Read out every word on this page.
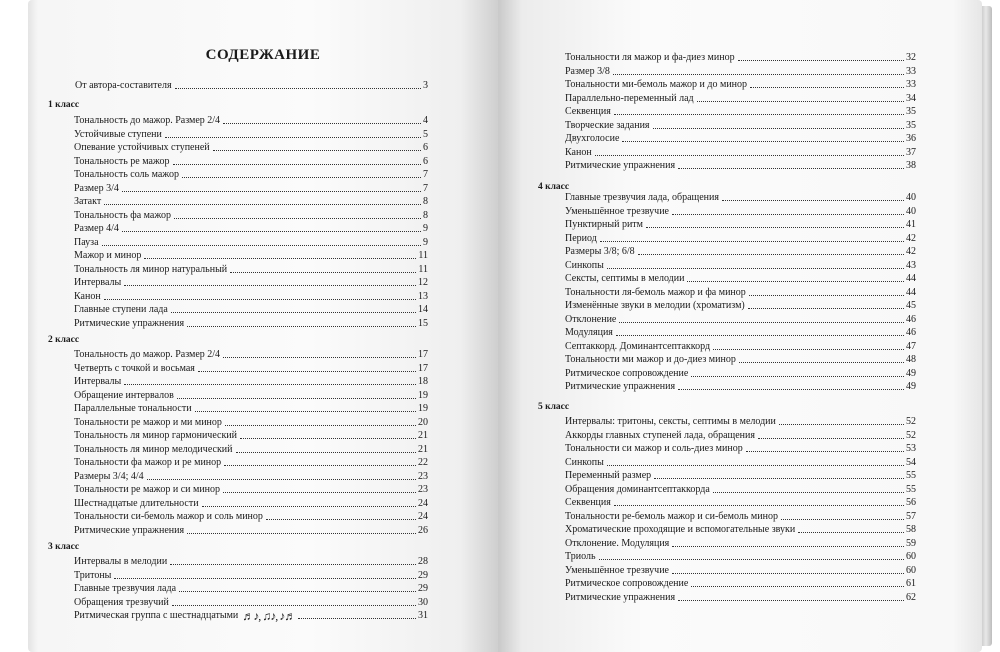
СОДЕРЖАНИЕ
От автора-составителя	3
1 класс
Тональность до мажор. Размер 2/4	4
Устойчивые ступени	5
Опевание устойчивых ступеней	6
Тональность ре мажор	6
Тональность соль мажор	7
Размер 3/4	7
Затакт	8
Тональность фа мажор	8
Размер 4/4	9
Пауза	9
Мажор и минор	11
Тональность ля минор натуральный	11
Интервалы	12
Канон	13
Главные ступени лада	14
Ритмические упражнения	15
2 класс
Тональность до мажор. Размер 2/4	17
Четверть с точкой и восьмая	17
Интервалы	18
Обращение интервалов	19
Параллельные тональности	19
Тональности ре мажор и ми минор	20
Тональность ля минор гармонический	21
Тональность ля минор мелодический	21
Тональности фа мажор и ре минор	22
Размеры 3/4; 4/4	23
Тональности ре мажор и си минор	23
Шестнадцатые длительности	24
Тональности си-бемоль мажор и соль минор	24
Ритмические упражнения	26
3 класс
Интервалы в мелодии	28
Тритоны	29
Главные трезвучия лада	29
Обращения трезвучий	30
Ритмическая группа с шестнадцатыми ♬♪, ♫♪, ♪♬	31
Тональности ля мажор и фа-диез минор	32
Размер 3/8	33
Тональности ми-бемоль мажор и до минор	33
Параллельно-переменный лад	34
Секвенция	35
Творческие задания	35
Двухголосие	36
Канон	37
Ритмические упражнения	38
4 класс
Главные трезвучия лада, обращения	40
Уменьшённое трезвучие	40
Пунктирный ритм	41
Период	42
Размеры 3/8; 6/8	42
Синкопы	43
Сексты, септимы в мелодии	44
Тональности ля-бемоль мажор и фа минор	44
Изменённые звуки в мелодии (хроматизм)	45
Отклонение	46
Модуляция	46
Септаккорд. Доминантсептаккорд	47
Тональности ми мажор и до-диез минор	48
Ритмическое сопровождение	49
Ритмические упражнения	49
5 класс
Интервалы: тритоны, сексты, септимы в мелодии	52
Аккорды главных ступеней лада, обращения	52
Тональности си мажор и соль-диез минор	53
Синкопы	54
Переменный размер	55
Обращения доминантсептаккорда	55
Секвенция	56
Тональности ре-бемоль мажор и си-бемоль минор	57
Хроматические проходящие и вспомогательные звуки	58
Отклонение. Модуляция	59
Триоль	60
Уменьшённое трезвучие	60
Ритмическое сопровождение	61
Ритмические упражнения	62
